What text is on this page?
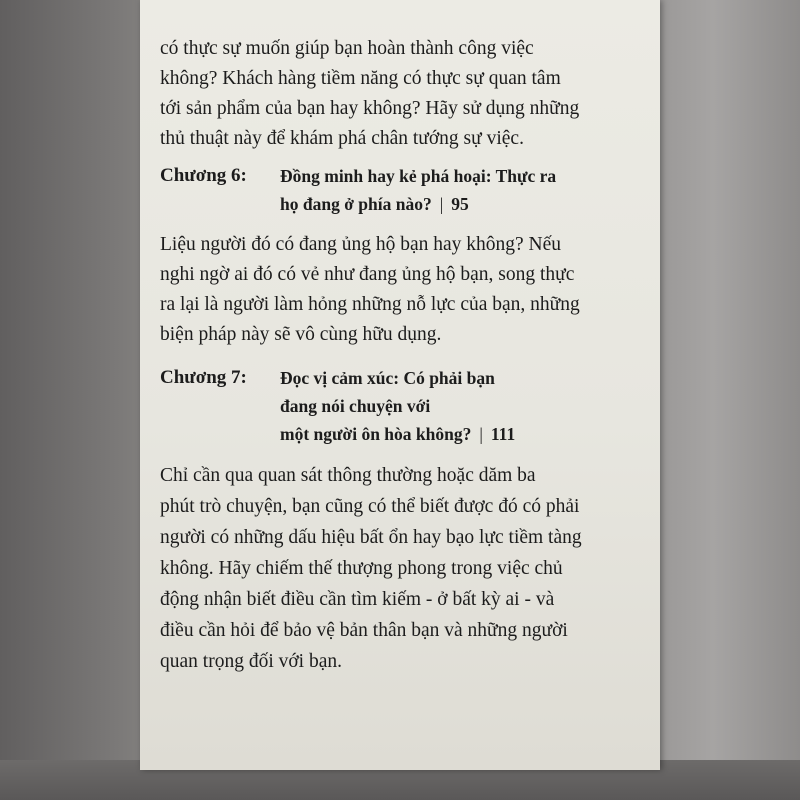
có thực sự muốn giúp bạn hoàn thành công việc
không? Khách hàng tiềm năng có thực sự quan tâm
tới sản phẩm của bạn hay không? Hãy sử dụng những
thủ thuật này để khám phá chân tướng sự việc.

Chương 6:	Đồng minh hay kẻ phá hoại: Thực ra
họ đang ở phía nào? | 95

Liệu người đó có đang ủng hộ bạn hay không? Nếu
nghi ngờ ai đó có vẻ như đang ủng hộ bạn, song thực
ra lại là người làm hỏng những nỗ lực của bạn, những
biện pháp này sẽ vô cùng hữu dụng.

Chương 7:	Đọc vị cảm xúc: Có phải bạn
đang nói chuyện với
một người ôn hòa không? | 111

Chỉ cần qua quan sát thông thường hoặc dăm ba
phút trò chuyện, bạn cũng có thể biết được đó có phải
người có những dấu hiệu bất ổn hay bạo lực tiềm tàng
không. Hãy chiếm thế thượng phong trong việc chủ
động nhận biết điều cần tìm kiếm - ở bất kỳ ai - và
điều cần hỏi để bảo vệ bản thân bạn và những người
quan trọng đối với bạn.
